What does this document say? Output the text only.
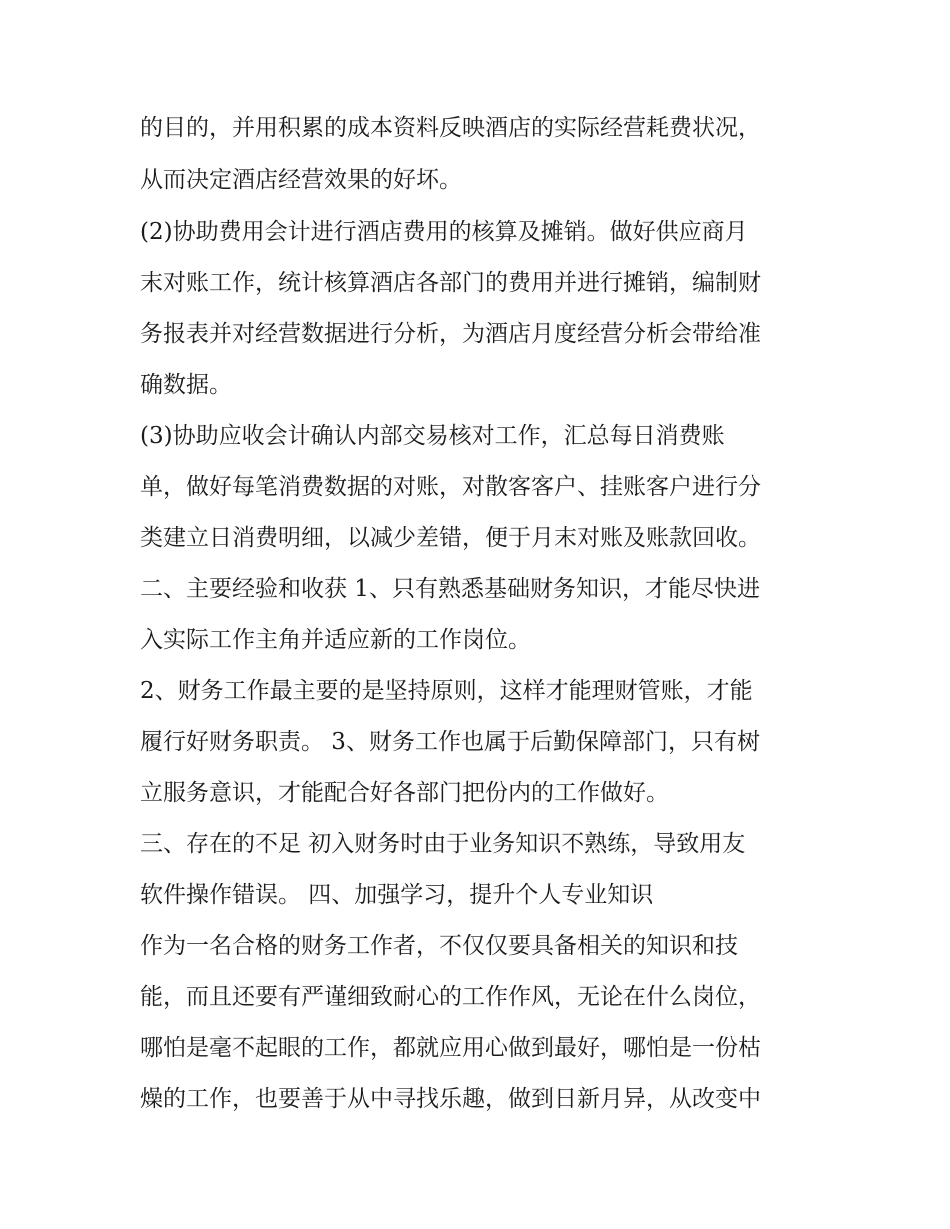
的目的，并用积累的成本资料反映酒店的实际经营耗费状况，
从而决定酒店经营效果的好坏。
(2)协助费用会计进行酒店费用的核算及摊销。做好供应商月
末对账工作，统计核算酒店各部门的费用并进行摊销，编制财
务报表并对经营数据进行分析，为酒店月度经营分析会带给准
确数据。
(3)协助应收会计确认内部交易核对工作，汇总每日消费账
单，做好每笔消费数据的对账，对散客客户、挂账客户进行分
类建立日消费明细，以减少差错，便于月末对账及账款回收。
二、主要经验和收获 1、只有熟悉基础财务知识，才能尽快进
入实际工作主角并适应新的工作岗位。
2、财务工作最主要的是坚持原则，这样才能理财管账，才能
履行好财务职责。 3、财务工作也属于后勤保障部门，只有树
立服务意识，才能配合好各部门把份内的工作做好。
三、存在的不足 初入财务时由于业务知识不熟练，导致用友
软件操作错误。 四、加强学习，提升个人专业知识
作为一名合格的财务工作者，不仅仅要具备相关的知识和技
能，而且还要有严谨细致耐心的工作作风，无论在什么岗位，
哪怕是毫不起眼的工作，都就应用心做到最好，哪怕是一份枯
燥的工作，也要善于从中寻找乐趣，做到日新月异，从改变中
